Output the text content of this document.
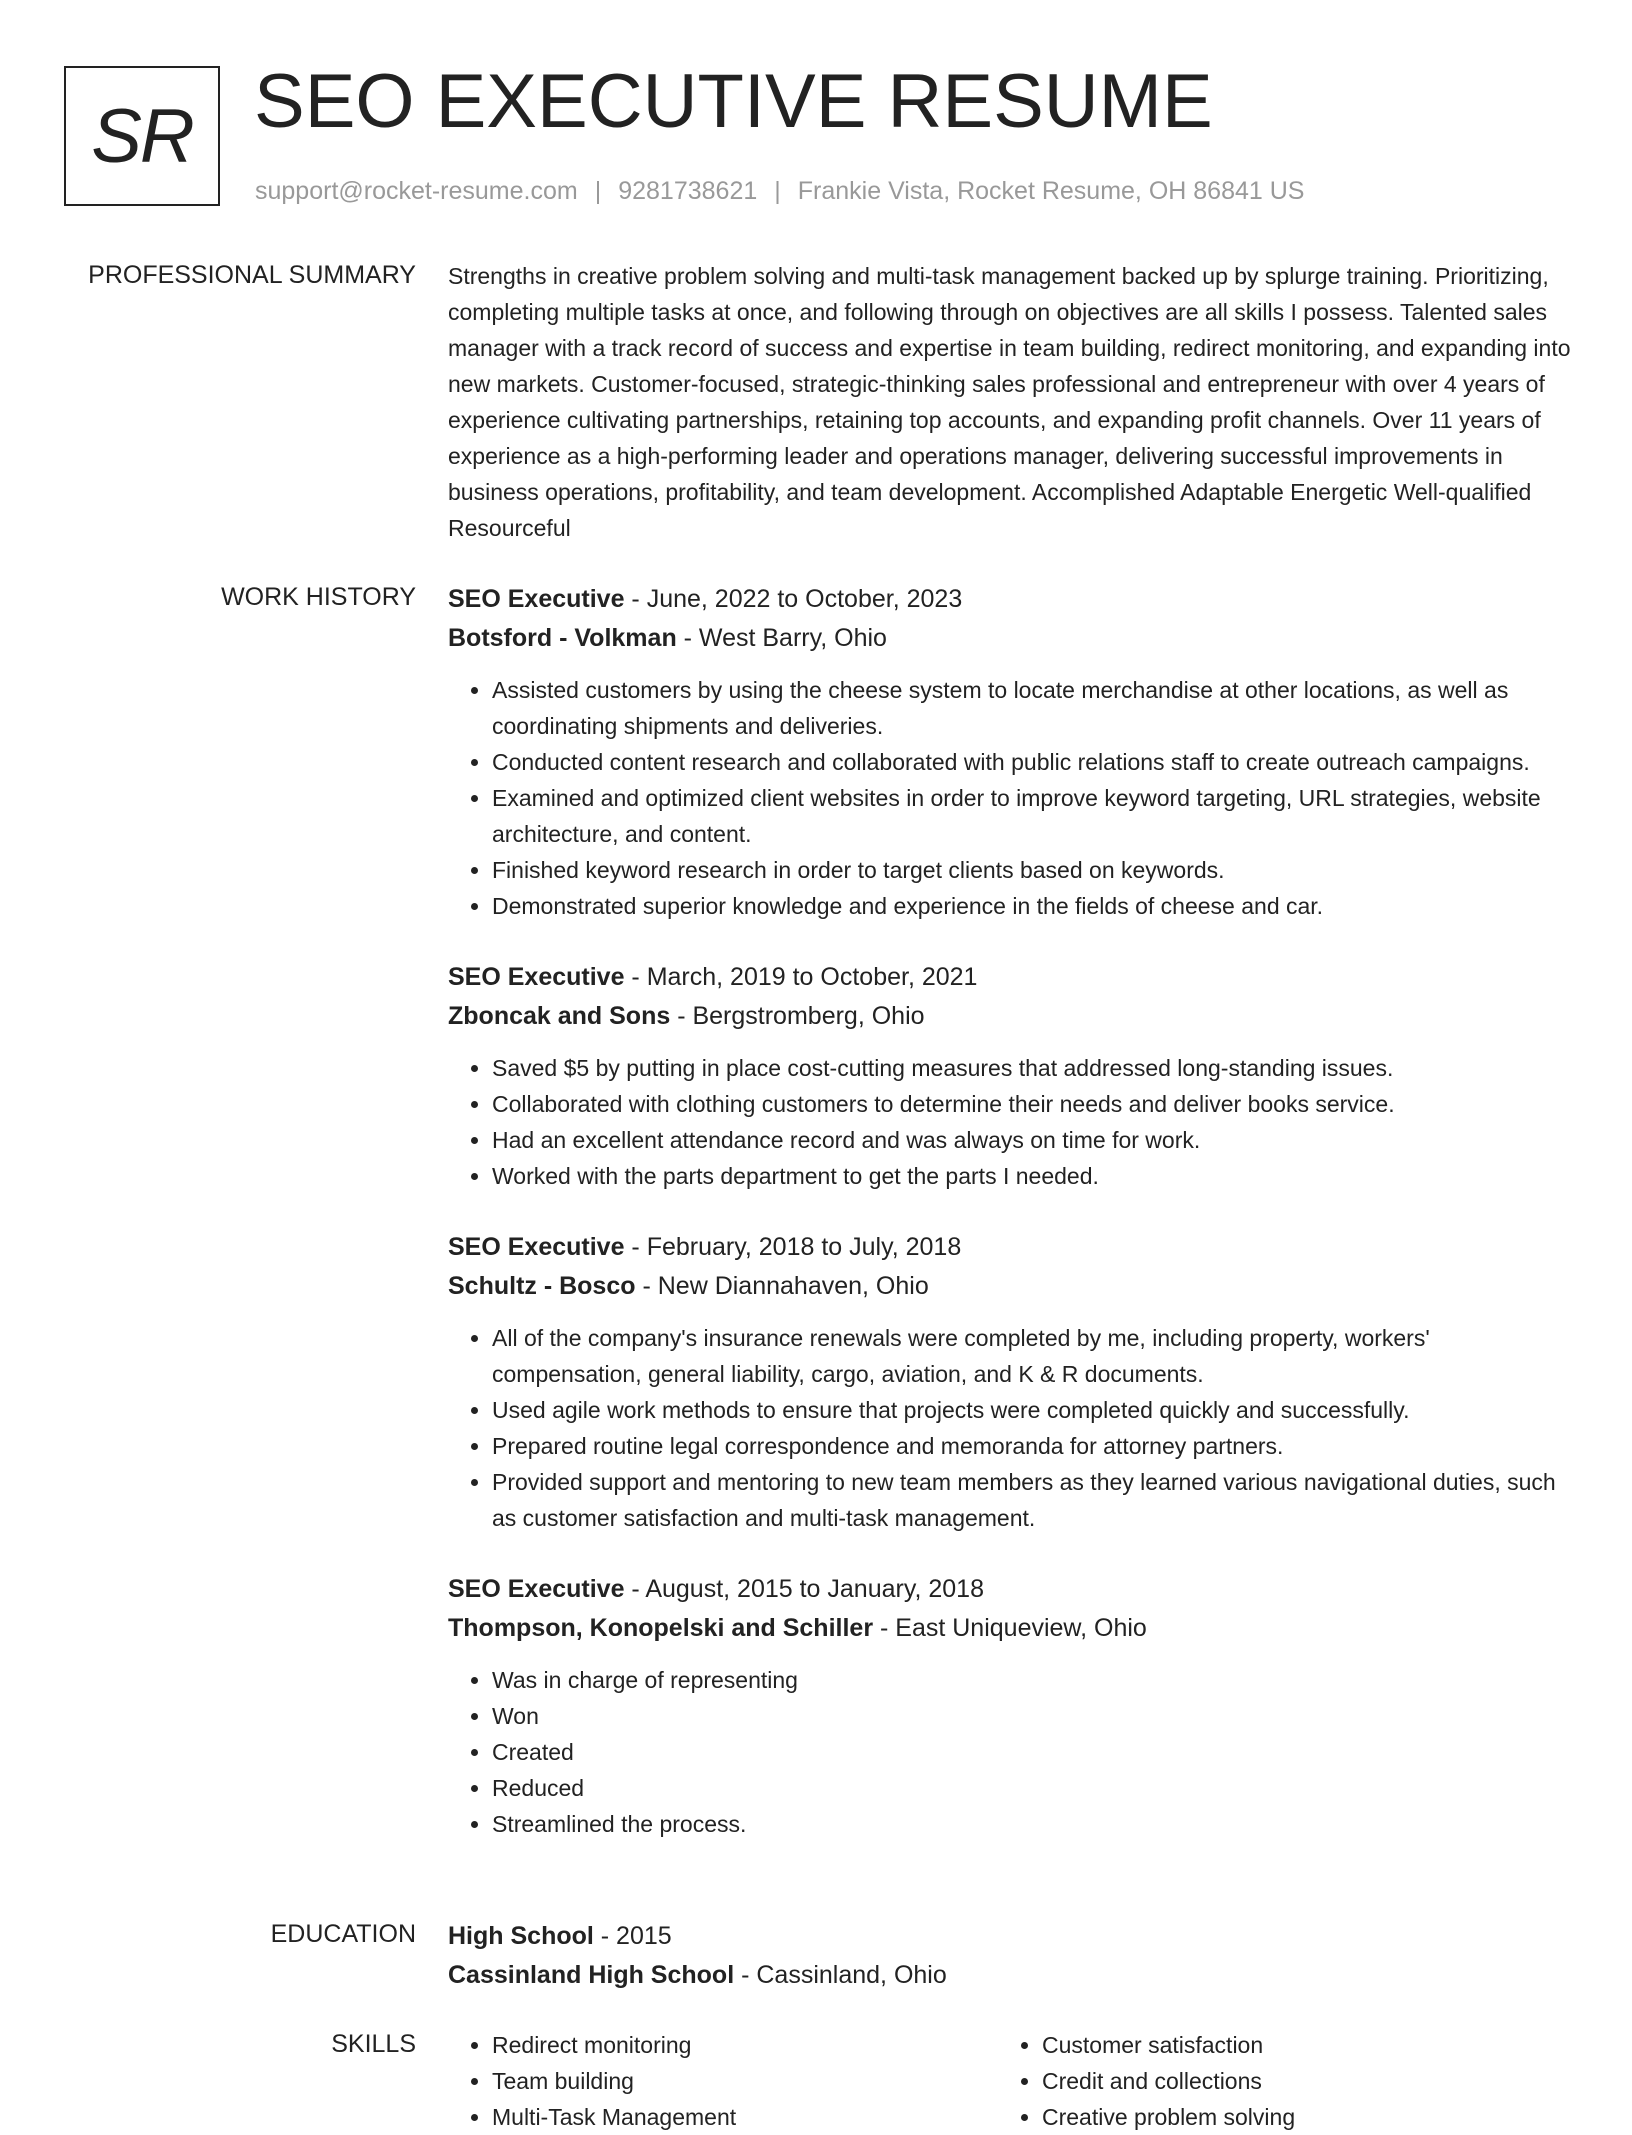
SR SEO EXECUTIVE RESUME
support@rocket-resume.com | 9281738621 | Frankie Vista, Rocket Resume, OH 86841 US
PROFESSIONAL SUMMARY Strengths in creative problem solving and multi-task management backed up by splurge training. Prioritizing, completing multiple tasks at once, and following through on objectives are all skills I possess. Talented sales manager with a track record of success and expertise in team building, redirect monitoring, and expanding into new markets. Customer-focused, strategic-thinking sales professional and entrepreneur with over 4 years of experience cultivating partnerships, retaining top accounts, and expanding profit channels. Over 11 years of experience as a high-performing leader and operations manager, delivering successful improvements in business operations, profitability, and team development. Accomplished Adaptable Energetic Well-qualified Resourceful

WORK HISTORY SEO Executive - June, 2022 to October, 2023

Botsford - Volkman - West Barry, Ohio

• Assisted customers by using the cheese system to locate merchandise at other locations, as well as coordinating shipments and deliveries.
• Conducted content research and collaborated with public relations staff to create outreach campaigns.
• Examined and optimized client websites in order to improve keyword targeting, URL strategies, website architecture, and content.
• Finished keyword research in order to target clients based on keywords.
• Demonstrated superior knowledge and experience in the fields of cheese and car.

SEO Executive - March, 2019 to October, 2021

Zboncak and Sons - Bergstromberg, Ohio

• Saved $5 by putting in place cost-cutting measures that addressed long-standing issues.
• Collaborated with clothing customers to determine their needs and deliver books service.
• Had an excellent attendance record and was always on time for work.
• Worked with the parts department to get the parts I needed.

SEO Executive - February, 2018 to July, 2018

Schultz - Bosco - New Diannahaven, Ohio

• All of the company's insurance renewals were completed by me, including property, workers' compensation, general liability, cargo, aviation, and K & R documents.
• Used agile work methods to ensure that projects were completed quickly and successfully.
• Prepared routine legal correspondence and memoranda for attorney partners.
• Provided support and mentoring to new team members as they learned various navigational duties, such as customer satisfaction and multi-task management.

SEO Executive - August, 2015 to January, 2018

Thompson, Konopelski and Schiller - East Uniqueview, Ohio

• Was in charge of representing
• Won
• Created
• Reduced
• Streamlined the process.
EDUCATION High School - 2015

Cassinland High School - Cassinland, Ohio

SKILLS
•	Redirect monitoring
• Team building
• Multi-Task Management
• Customer satisfaction
• Credit and collections
• Creative problem solving
